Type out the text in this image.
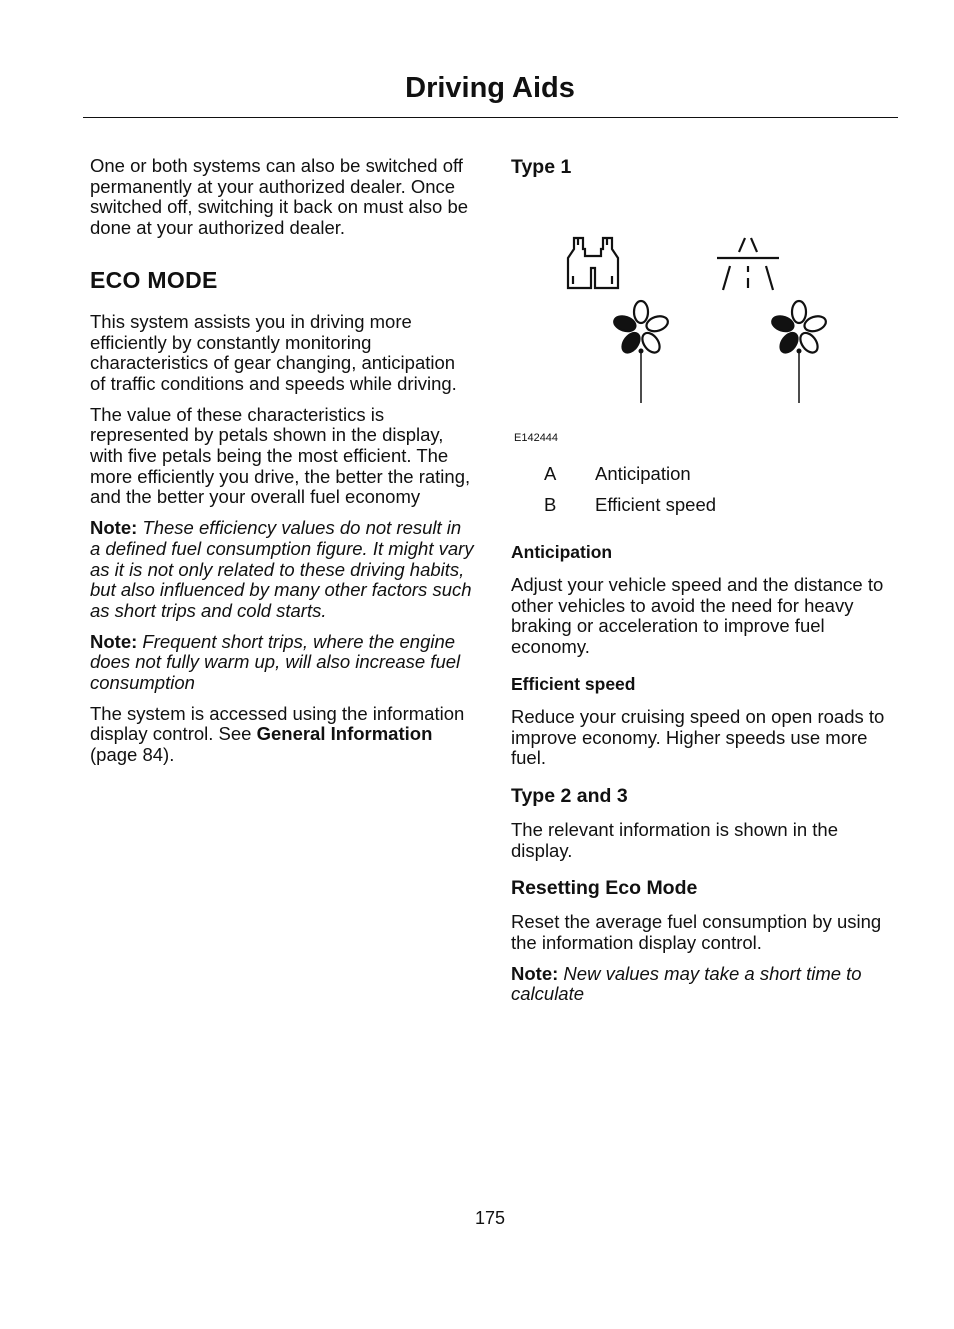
Driving Aids

One or both systems can also be switched off permanently at your authorized dealer. Once switched off, switching it back on must also be done at your authorized dealer.

ECO MODE

This system assists you in driving more efficiently by constantly monitoring characteristics of gear changing, anticipation of traffic conditions and speeds while driving.

The value of these characteristics is represented by petals shown in the display, with five petals being the most efficient. The more efficiently you drive, the better the rating, and the better your overall fuel economy

Note: These efficiency values do not result in a defined fuel consumption figure. It might vary as it is not only related to these driving habits, but also influenced by many other factors such as short trips and cold starts.

Note: Frequent short trips, where the engine does not fully warm up, will also increase fuel consumption

The system is accessed using the information display control. See General Information (page 84).

Type 1
E142444
A	Anticipation
B	Efficient speed
Anticipation

Adjust your vehicle speed and the distance to other vehicles to avoid the need for heavy braking or acceleration to improve fuel economy.

Efficient speed

Reduce your cruising speed on open roads to improve economy. Higher speeds use more fuel.

Type 2 and 3

The relevant information is shown in the display.

Resetting Eco Mode

Reset the average fuel consumption by using the information display control.

Note: New values may take a short time to calculate

175
